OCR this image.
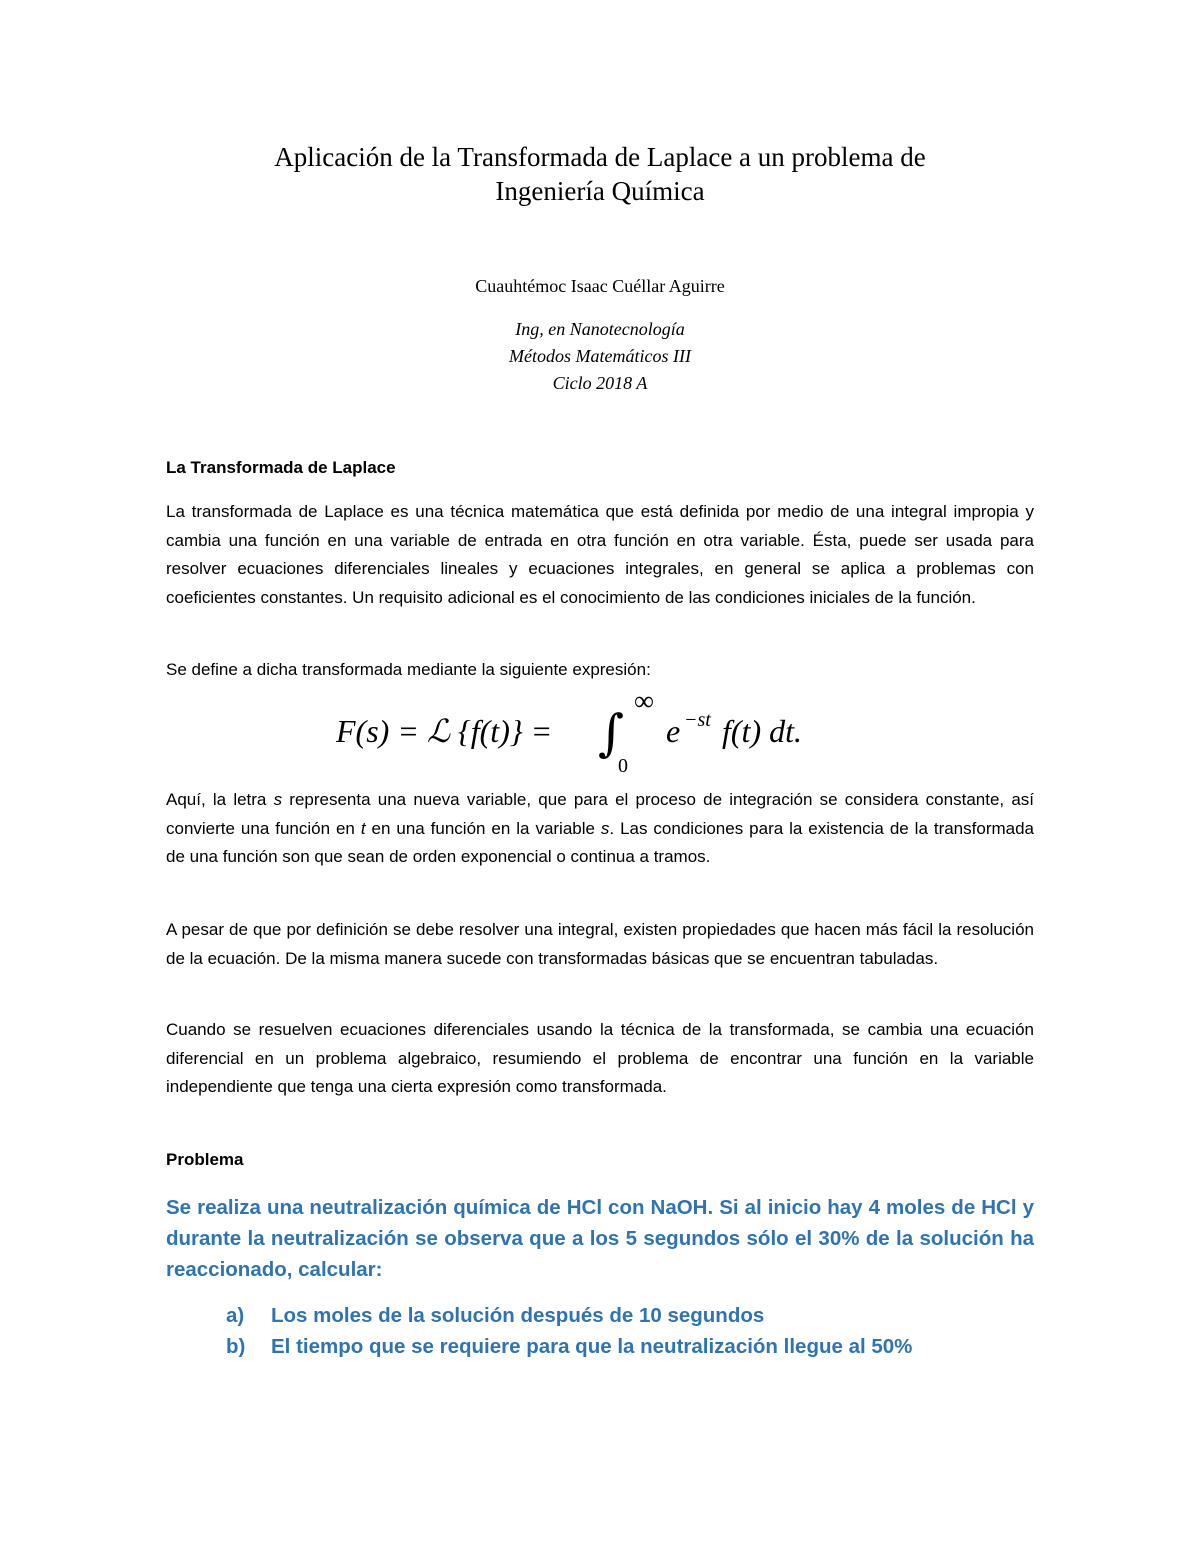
Aplicación de la Transformada de Laplace a un problema de
Ingeniería Química
Cuauhtémoc Isaac Cuéllar Aguirre
Ing, en Nanotecnología
Métodos Matemáticos III
Ciclo 2018 A
La Transformada de Laplace
La transformada de Laplace es una técnica matemática que está definida por medio de una integral impropia y cambia una función en una variable de entrada en otra función en otra variable. Ésta, puede ser usada para resolver ecuaciones diferenciales lineales y ecuaciones integrales, en general se aplica a problemas con coeficientes constantes. Un requisito adicional es el conocimiento de las condiciones iniciales de la función.
Se define a dicha transformada mediante la siguiente expresión:
F(s) = ℒ {f(t)} = ∫
∞
0
e −st f(t) dt.
Aquí, la letra s representa una nueva variable, que para el proceso de integración se considera constante, así convierte una función en t en una función en la variable s. Las condiciones para la existencia de la transformada de una función son que sean de orden exponencial o continua a tramos.
A pesar de que por definición se debe resolver una integral, existen propiedades que hacen más fácil la resolución de la ecuación. De la misma manera sucede con transformadas básicas que se encuentran tabuladas.
Cuando se resuelven ecuaciones diferenciales usando la técnica de la transformada, se cambia una ecuación diferencial en un problema algebraico, resumiendo el problema de encontrar una función en la variable independiente que tenga una cierta expresión como transformada.
Problema
Se realiza una neutralización química de HCl con NaOH. Si al inicio hay 4 moles de HCl y durante la neutralización se observa que a los 5 segundos sólo el 30% de la solución ha reaccionado, calcular:
a) Los moles de la solución después de 10 segundos
b) El tiempo que se requiere para que la neutralización llegue al 50%
